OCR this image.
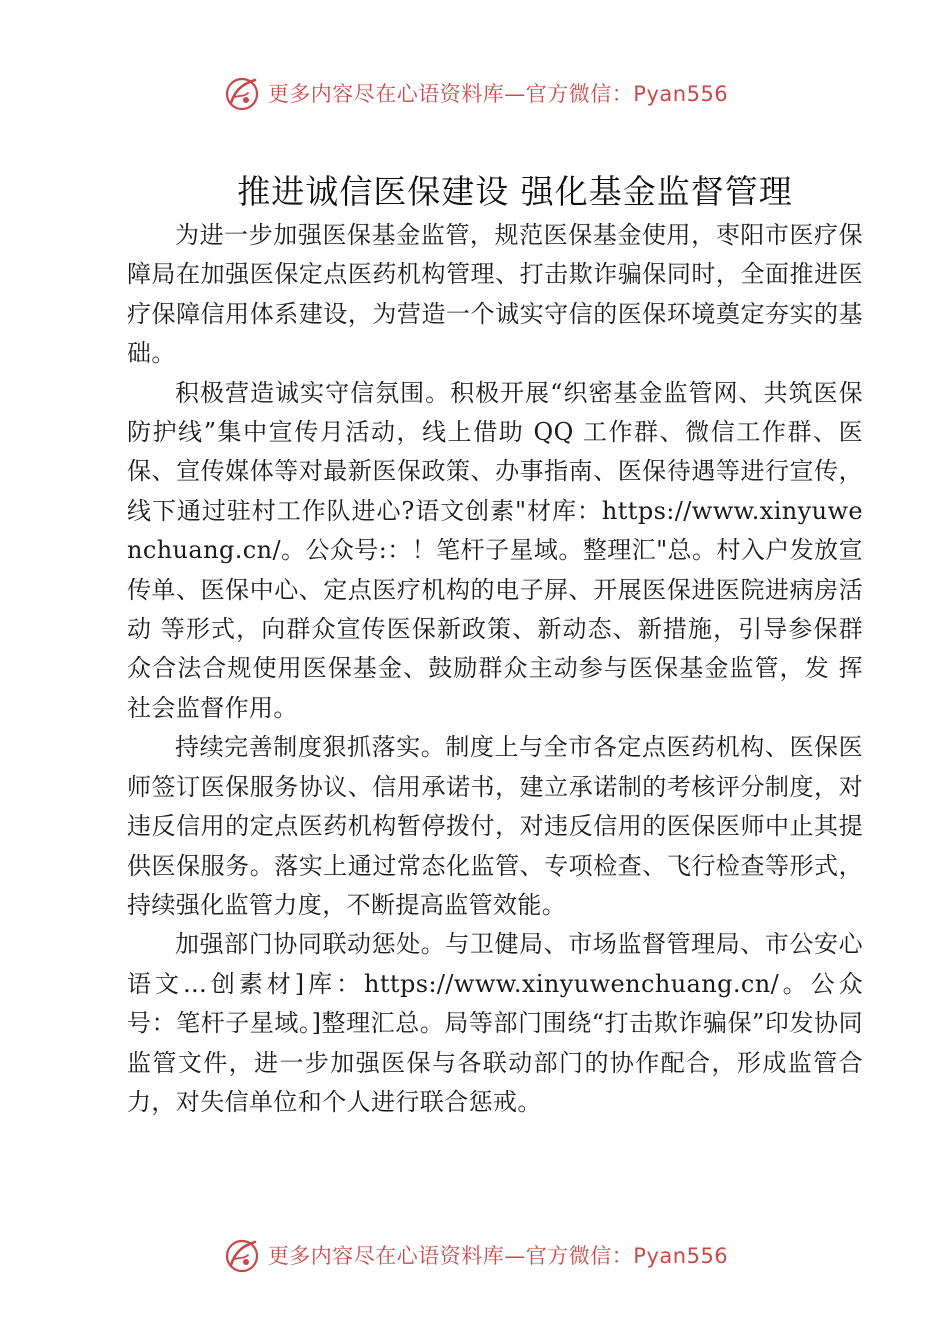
更多内容尽在心语资料库—官方微信：Pyan556
推进诚信医保建设 强化基金监督管理

为进一步加强医保基金监管，规范医保基金使用，枣阳市医疗保障局在加强医保定点医药机构管理、打击欺诈骗保同时，全面推进医疗保障信用体系建设，为营造一个诚实守信的医保环境奠定夯实的基础。

积极营造诚实守信氛围。积极开展“织密基金监管网、共筑医保防护线”集中宣传月活动，线上借助 QQ 工作群、微信工作群、医保、宣传媒体等对最新医保政策、办事指南、医保待遇等进行宣传，线下通过驻村工作队进心?语文创素"材库：https://www.xinyuwenchuang.cn/。公众号:：！笔杆子星域。整理汇"总。村入户发放宣传单、医保中心、定点医疗机构的电子屏、开展医保进医院进病房活动 等形式，向群众宣传医保新政策、新动态、新措施，引导参保群 众合法合规使用医保基金、鼓励群众主动参与医保基金监管，发 挥社会监督作用。

持续完善制度狠抓落实。制度上与全市各定点医药机构、医保医师签订医保服务协议、信用承诺书，建立承诺制的考核评分制度，对违反信用的定点医药机构暂停拨付，对违反信用的医保医师中止其提供医保服务。落实上通过常态化监管、专项检查、飞行检查等形式，持续强化监管力度，不断提高监管效能。

加强部门协同联动惩处。与卫健局、市场监督管理局、市公安心语文…创素材]库：https://www.xinyuwenchuang.cn/。公众号：笔杆子星域。]整理汇总。局等部门围绕“打击欺诈骗保”印发协同监管文件，进一步加强医保与各联动部门的协作配合，形成监管合力，对失信单位和个人进行联合惩戒。

更多内容尽在心语资料库—官方微信：Pyan556
